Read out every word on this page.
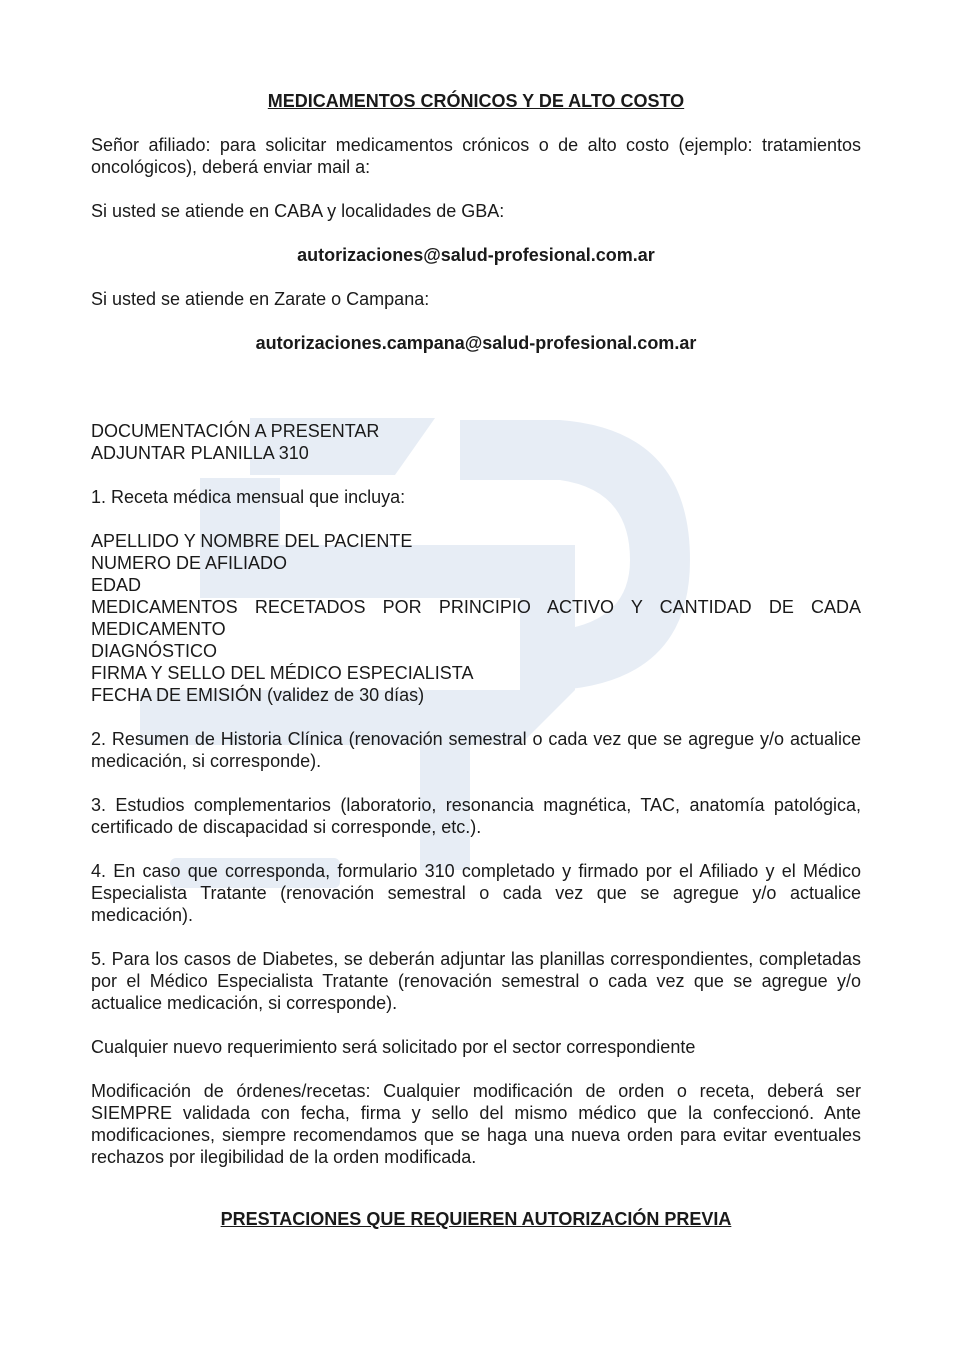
MEDICAMENTOS CRÓNICOS Y DE ALTO COSTO

Señor afiliado: para solicitar medicamentos crónicos o de alto costo (ejemplo: tratamientos oncológicos), deberá enviar mail a:

Si usted se atiende en CABA y localidades de GBA:

autorizaciones@salud-profesional.com.ar

Si usted se atiende en Zarate o Campana:

autorizaciones.campana@salud-profesional.com.ar

DOCUMENTACIÓN A PRESENTAR

ADJUNTAR PLANILLA 310

1. Receta médica mensual que incluya:

APELLIDO Y NOMBRE DEL PACIENTE

NUMERO DE AFILIADO

EDAD

MEDICAMENTOS RECETADOS POR PRINCIPIO ACTIVO Y CANTIDAD DE CADA MEDICAMENTO

DIAGNÓSTICO

FIRMA Y SELLO DEL MÉDICO ESPECIALISTA

FECHA DE EMISIÓN (validez de 30 días)

2. Resumen de Historia Clínica (renovación semestral o cada vez que se agregue y/o actualice medicación, si corresponde).

3. Estudios complementarios (laboratorio, resonancia magnética, TAC, anatomía patológica, certificado de discapacidad si corresponde, etc.).

4. En caso que corresponda, formulario 310 completado y firmado por el Afiliado y el Médico Especialista Tratante (renovación semestral o cada vez que se agregue y/o actualice medicación).

5. Para los casos de Diabetes, se deberán adjuntar las planillas correspondientes, completadas por el Médico Especialista Tratante (renovación semestral o cada vez que se agregue y/o actualice medicación, si corresponde).

Cualquier nuevo requerimiento será solicitado por el sector correspondiente

Modificación de órdenes/recetas: Cualquier modificación de orden o receta, deberá ser SIEMPRE validada con fecha, firma y sello del mismo médico que la confeccionó. Ante modificaciones, siempre recomendamos que se haga una nueva orden para evitar eventuales rechazos por ilegibilidad de la orden modificada.

PRESTACIONES QUE REQUIEREN AUTORIZACIÓN PREVIA
